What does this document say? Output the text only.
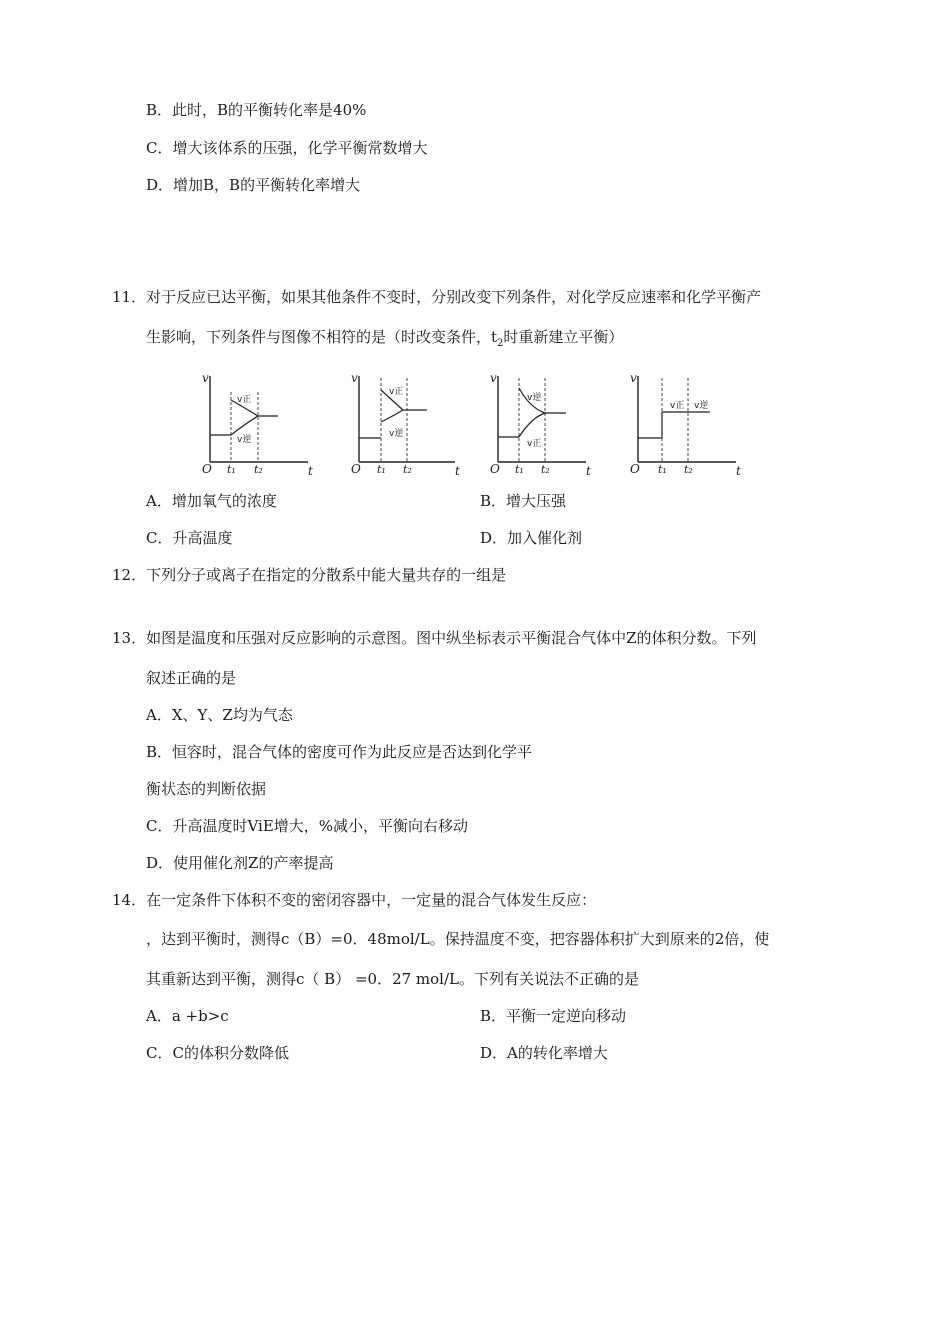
B．此时，B的平衡转化率是40%
C．增大该体系的压强，化学平衡常数增大
D．增加B，B的平衡转化率增大
11．对于反应已达平衡，如果其他条件不变时，分别改变下列条件，对化学反应速率和化学平衡产
生影响，下列条件与图像不相符的是（时改变条件，$t_2$时重新建立平衡）
v
O	t
t₁ t₂
v正
v逆
v
O	t
t₁ t₂
v正
v逆
v
O	t
t₁ t₂
v逆
v正
v
O	t
t₁ t₂
v正 v逆
A．增加氧气的浓度	B．增大压强
C．升高温度	D．加入催化剂
12．下列分子或离子在指定的分散系中能大量共存的一组是
13．如图是温度和压强对反应影响的示意图。图中纵坐标表示平衡混合气体中Z的体积分数。下列
叙述正确的是
A．X、Y、Z均为气态
B．恒容时，混合气体的密度可作为此反应是否达到化学平
衡状态的判断依据
C．升高温度时ViE增大，%减小，平衡向右移动
D．使用催化剂Z的产率提高
14．在一定条件下体积不变的密闭容器中，一定量的混合气体发生反应：
，达到平衡时，测得c（B）=0．48mol/L。保持温度不变，把容器体积扩大到原来的2倍，使
其重新达到平衡，测得c（ B） =0．27 mol/L。下列有关说法不正确的是
A．a +b>c	B．平衡一定逆向移动
C．C的体积分数降低	D．A的转化率增大
